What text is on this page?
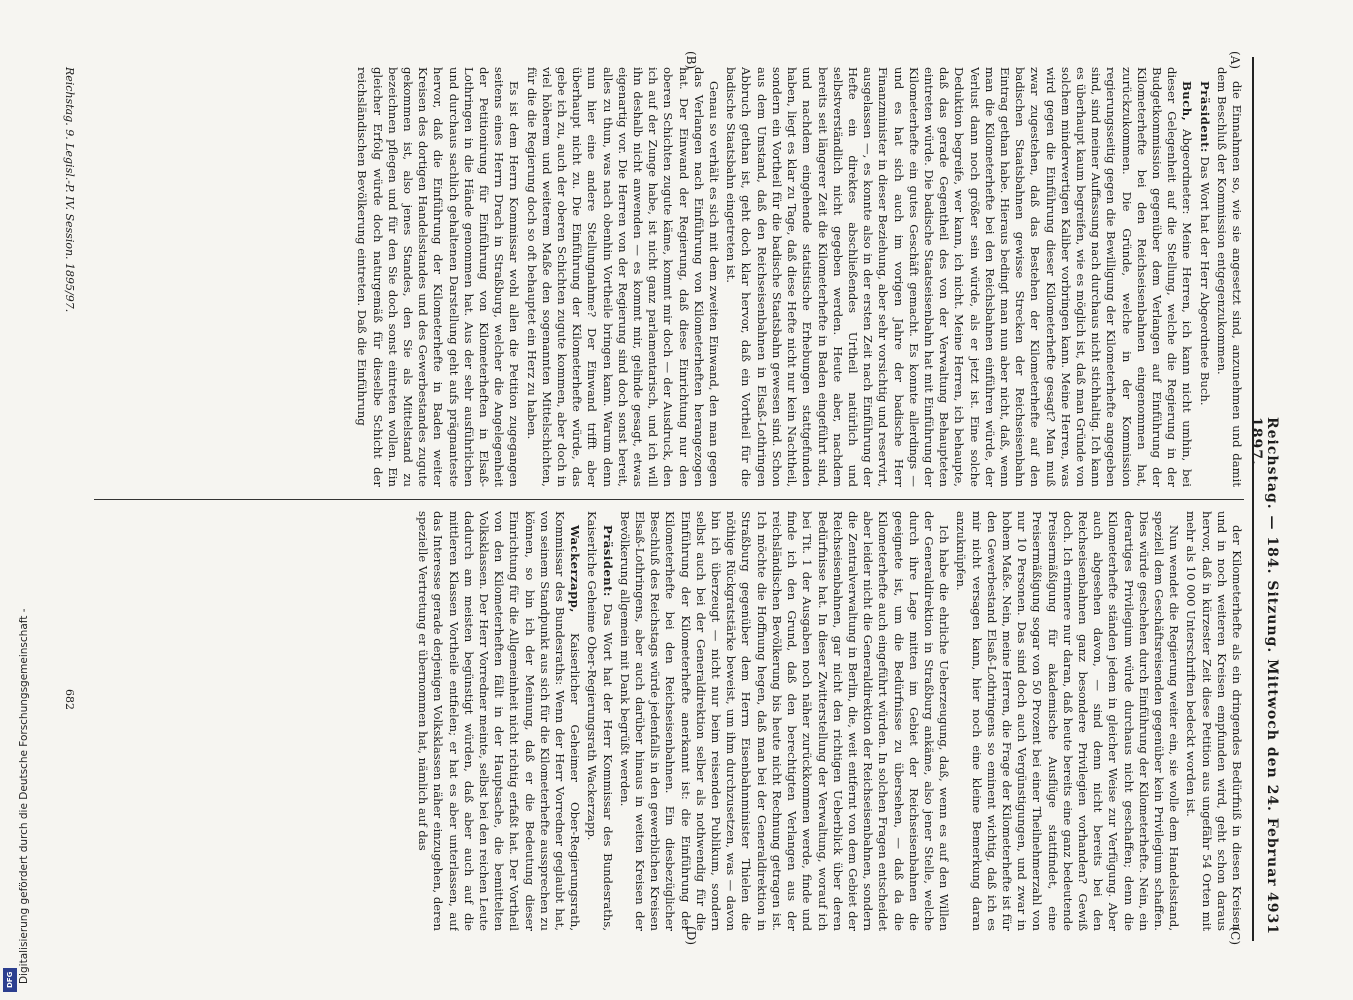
Reichstag. — 184. Sitzung. Mittwoch den 24. Februar 1897.
4931
(A)
(B)
(C)
(D)

die Einnahmen so, wie sie angesetzt sind, anzunehmen und damit dem Beschluß der Kommission entgegenzukommen.

Präsident: Das Wort hat der Herr Abgeordnete Buch.

Buch, Abgeordneter: Meine Herren, ich kann nicht umhin, bei dieser Gelegenheit auf die Stellung, welche die Regierung in der Budgetkommission gegenüber dem Verlangen auf Einführung der Kilometerhefte bei den Reichseisenbahnen eingenommen hat, zurückzukommen. Die Gründe, welche in der Kommission regierungsseitig gegen die Bewilligung der Kilometerhefte angegeben sind, sind meiner Auffassung nach durchaus nicht stichhaltig. Ich kann es überhaupt kaum begreifen, wie es möglich ist, daß man Gründe von solchem minderwertigen Kaliber vorbringen kann. Meine Herren, was wird gegen die Einführung dieser Kilometerhefte gesagt? Man muß zwar zugestehen, daß das Bestehen der Kilometerhefte auf den badischen Staatsbahnen gewisse Strecken der Reichseisenbahn Eintrag gethan habe. Hieraus bedingt man nun aber nicht, daß, wenn man die Kilometerhefte bei den Reichsbahnen einführen würde, der Verlust dann noch größer sein würde, als er jetzt ist. Eine solche Deduktion begreife, wer kann, ich nicht. Meine Herren, ich behaupte, daß das gerade Gegentheil des von der Verwaltung Behaupteten eintreten würde. Die badische Staatseisenbahn hat mit Einführung der Kilometerhefte ein gutes Geschäft gemacht. Es konnte allerdings — und es hat sich auch im vorigen Jahre der badische Herr Finanzminister in dieser Beziehung, aber sehr vorsichtig und reservirt, ausgelassen —, es konnte also in der ersten Zeit nach Einführung der Hefte ein direktes abschließendes Urtheil natürlich und selbstverständlich nicht gegeben werden. Heute aber, nachdem bereits seit längerer Zeit die Kilometerhefte in Baden eingeführt sind, und nachdem eingehende statistische Erhebungen stattgefunden haben, liegt es klar zu Tage, daß diese Hefte nicht nur kein Nachtheil, sondern ein Vortheil für die badische Staatsbahn gewesen sind. Schon aus dem Umstand, daß den Reichseisenbahnen in Elsaß-Lothringen Abbruch gethan ist, geht doch klar hervor, daß ein Vortheil für die badische Staatsbahn eingetreten ist.

Genau so verhält es sich mit dem zweiten Einwand, den man gegen das Verlangen nach Einführung von Kilometerheften herangezogen hat. Der Einwand der Regierung, daß diese Einrichtung nur den oberen Schichten zugute käme, kommt mir doch — der Ausdruck, den ich auf der Zunge habe, ist nicht ganz parlamentarisch, und ich will ihn deshalb nicht anwenden — es kommt mir, gelinde gesagt, etwas eigenartig vor. Die Herren von der Regierung sind doch sonst bereit, alles zu thun, was nach obenhin Vortheile bringen kann. Warum denn nun hier eine andere Stellungnahme? Der Einwand trifft aber überhaupt nicht zu. Die Einführung der Kilometerhefte würde, das gebe ich zu, auch der oberen Schichten zugute kommen, aber doch in viel höherem und weiterem Maße den sogenannten Mittelschichten, für die die Regierung doch so oft behauptet ein Herz zu haben.

Es ist dem Herrn Kommissar wohl allen die Petition zugegangen seitens eines Herrn Drach in Straßburg, welcher die Angelegenheit der Petitionirung für Einführung von Kilometerheften in Elsaß-Lothringen in die Hände genommen hat. Aus der sehr ausführlichen und durchaus sachlich gehaltenen Darstellung geht aufs prägnanteste hervor, daß die Einführung der Kilometerhefte in Baden weiter Kreisen des dortigen Handelsstandes und des Gewerbestandes zugute gekommen ist, also jenes Standes, den Sie als Mittelstand zu bezeichnen pflegen und für den Sie doch sonst eintreten wollen. Ein gleicher Erfolg würde doch naturgemäß für dieselbe Schicht der reichsländischen Bevölkerung eintreten. Daß die Einführung

der Kilometerhefte als ein dringendes Bedürfniß in diesen Kreisen und in noch weiteren Kreisen empfunden wird, geht schon daraus hervor, daß in kürzester Zeit diese Petition aus ungefähr 54 Orten mit mehr als 10 000 Unterschriften bedeckt worden ist.

Nun wendet die Regierung weiter ein, sie wolle dem Handelsstand, speziell dem Geschäftsreisenden gegenüber kein Privilegium schaffen. Dies würde geschehen durch Einführung der Kilometerhefte. Nein, ein derartiges Privilegium würde durchaus nicht geschaffen; denn die Kilometerhefte ständen jedem in gleicher Weise zur Verfügung. Aber auch abgesehen davon, — sind denn nicht bereits bei den Reichseisenbahnen ganz besondere Privilegien vorhanden? Gewiß doch. Ich erinnere nur daran, daß heute bereits eine ganz bedeutende Preisermäßigung für akademische Ausflüge stattfindet, eine Preisermäßigung sogar von 50 Prozent bei einer Theilnehmerzahl von nur 10 Personen. Das sind doch auch Vergünstigungen, und zwar in hohem Maße. Nein, meine Herren, die Frage der Kilometerhefte ist für den Gewerbestand Elsaß-Lothringens so eminent wichtig, daß ich es mir nicht versagen kann, hier noch eine kleine Bemerkung daran anzuknüpfen.

Ich habe die ehrliche Ueberzeugung, daß, wenn es auf den Willen der Generaldirektion in Straßburg ankäme, also jener Stelle, welche durch ihre Lage mitten im Gebiet der Reichseisenbahnen die geeignete ist, um die Bedürfnisse zu übersehen, — daß da die Kilometerhefte auch eingeführt würden. In solchen Fragen entscheidet aber leider nicht die Generaldirektion der Reichseisenbahnen, sondern die Zentralverwaltung in Berlin, die, weit entfernt von dem Gebiet der Reichseisenbahnen, gar nicht den richtigen Ueberblick über deren Bedürfnisse hat. In dieser Zwitterstellung der Verwaltung, worauf ich bei Tit. 1 der Ausgaben noch näher zurückkommen werde, finde und finde ich den Grund, daß den berechtigten Verlangen aus der reichsländischen Bevölkerung bis heute nicht Rechnung getragen ist. Ich möchte die Hoffnung hegen, daß man bei der Generaldirektion in Straßburg gegenüber dem Herrn Eisenbahnminister Thielen die nöthige Rückgratstärke beweist, um ihm durchzusetzen, was — davon bin ich überzeugt — nicht nur beim reisenden Publikum, sondern selbst auch bei der Generaldirektion selber als nothwendig für die Einführung der Kilometerhefte anerkannt ist: die Einführung der Kilometerhefte bei den Reichseisenbahnen. Ein diesbezüglicher Beschluß des Reichstags würde jedenfalls in den gewerblichen Kreisen Elsaß-Lothringens, aber auch darüber hinaus in weiten Kreisen der Bevölkerung allgemein mit Dank begrüßt werden.

Präsident: Das Wort hat der Herr Kommissar des Bundesraths, Kaiserliche Geheime Ober-Regierungsrath Wackerzapp.

Wackerzapp, Kaiserlicher Geheimer Ober-Regierungsrath, Kommissar des Bundesraths: Wenn der Herr Vorredner geglaubt hat, von seinem Standpunkt aus sich für die Kilometerhefte aussprechen zu können, so bin ich der Meinung, daß er die Bedeutung dieser Einrichtung für die Allgemeinheit nicht richtig erfaßt hat. Der Vortheil von den Kilometerheften fällt in der Hauptsache, die bemittelten Volksklassen. Der Herr Vorredner meinte, selbst bei den reichen Leute dadurch am meisten begünstigt würden, daß aber auch auf die mittleren Klassen Vortheile entfielen; er hat es aber unterlassen, auf das Interesse gerade derjenigen Volksklassen näher einzugehen, deren spezielle Vertretung er übernommen hat, nämlich auf das

Reichstag. 9. Legisl.-P. IV. Session. 1895/97.
682
DFG Digitalisierung gefördert durch die Deutsche Forschungsgemeinschaft -
